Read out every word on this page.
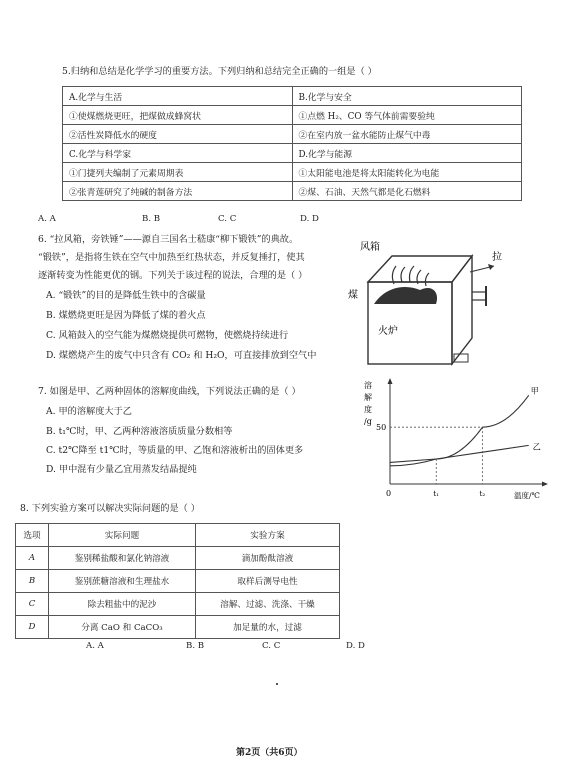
5.归纳和总结是化学学习的重要方法。下列归纳和总结完全正确的一组是（ ）
A.化学与生活	B.化学与安全
①使煤燃烧更旺，把煤做成蜂窝状	①点燃 H₂、CO 等气体前需要验纯
②活性炭降低水的硬度	②在室内放一盆水能防止煤气中毒
C.化学与科学家	D.化学与能源
①门捷列夫编制了元素周期表	①太阳能电池是将太阳能转化为电能
②张青莲研究了纯碱的制备方法	②煤、石油、天然气都是化石燃料
A. A	B. B	C. C	D. D
6. “拉风箱，旁铁锤”——源自三国名士嵇康“柳下锻铁”的典故。
“锻铁”，是指将生铁在空气中加热至红热状态，并反复捶打，使其
逐渐转变为性能更优的钢。下列关于该过程的说法，合理的是（ ）
A. “锻铁”的目的是降低生铁中的含碳量
B. 煤燃烧更旺是因为降低了煤的着火点
C. 风箱鼓入的空气能为煤燃烧提供可燃物，使燃烧持续进行
D. 煤燃烧产生的废气中只含有 CO₂ 和 H₂O，可直接排放到空气中
风箱
煤
拉
火炉
7. 如图是甲、乙两种固体的溶解度曲线，下列说法正确的是（ ）
A. 甲的溶解度大于乙
B. t₁℃时，甲、乙两种溶液溶质质量分数相等
C. t2℃降至 t1℃时，等质量的甲、乙饱和溶液析出的固体更多
D. 甲中混有少量乙宜用蒸发结晶提纯
溶
解
度
/g
50
0	t₁	t₂	温度/℃
甲
乙
8. 下列实验方案可以解决实际问题的是（ ）
选项	实际问题	实验方案
A	鉴别稀盐酸和氯化钠溶液	滴加酚酞溶液
B	鉴别蔗糖溶液和生理盐水	取样后测导电性
C	除去粗盐中的泥沙	溶解、过滤、洗涤、干燥
D	分离 CaO 和 CaCO₃	加足量的水，过滤
A. A	B. B	C. C	D. D
第2页（共6页）
